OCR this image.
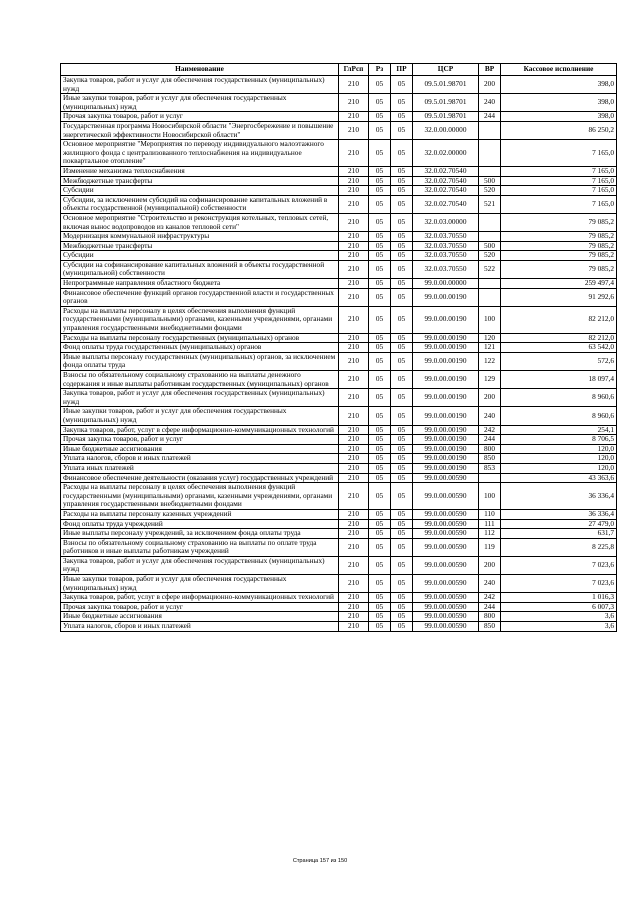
Наименование	ГлРсп	Рз	ПР	ЦСР	ВР	Кассовое исполнение
Закупка товаров, работ и услуг для обеспечения государственных (муниципальных) нужд	210	05	05	09.5.01.98701	200	398,0
Иные закупки товаров, работ и услуг для обеспечения государственных (муниципальных) нужд	210	05	05	09.5.01.98701	240	398,0
Прочая закупка товаров, работ и услуг	210	05	05	09.5.01.98701	244	398,0
Государственная программа Новосибирской области "Энергосбережение и повышение энергетической эффективности Новосибирской области"	210	05	05	32.0.00.00000		86 250,2
Основное мероприятие "Мероприятия по переводу индивидуального малоэтажного жилищного фонда с централизованного теплоснабжения на индивидуальное поквартальное отопление"	210	05	05	32.0.02.00000		7 165,0
Изменение механизма теплоснабжения	210	05	05	32.0.02.70540		7 165,0
Межбюджетные трансферты	210	05	05	32.0.02.70540	500	7 165,0
Субсидии	210	05	05	32.0.02.70540	520	7 165,0
Субсидии, за исключением субсидий на софинансирование капитальных вложений в объекты государственной (муниципальной) собственности	210	05	05	32.0.02.70540	521	7 165,0
Основное мероприятие "Строительство и реконструкция котельных, тепловых сетей, включая вынос водопроводов из каналов тепловой сети"	210	05	05	32.0.03.00000		79 085,2
Модернизация коммунальной инфраструктуры	210	05	05	32.0.03.70550		79 085,2
Межбюджетные трансферты	210	05	05	32.0.03.70550	500	79 085,2
Субсидии	210	05	05	32.0.03.70550	520	79 085,2
Субсидии на софинансирование капитальных вложений в объекты государственной (муниципальной) собственности	210	05	05	32.0.03.70550	522	79 085,2
Непрограммные направления областного бюджета	210	05	05	99.0.00.00000		259 497,4
Финансовое обеспечение функций органов государственной власти и государственных органов	210	05	05	99.0.00.00190		91 292,6
Расходы на выплаты персоналу в целях обеспечения выполнения функций государственными (муниципальными) органами, казенными учреждениями, органами управления государственными внебюджетными фондами	210	05	05	99.0.00.00190	100	82 212,0
Расходы на выплаты персоналу государственных (муниципальных) органов	210	05	05	99.0.00.00190	120	82 212,0
Фонд оплаты труда государственных (муниципальных) органов	210	05	05	99.0.00.00190	121	63 542,0
Иные выплаты персоналу государственных (муниципальных) органов, за исключением фонда оплаты труда	210	05	05	99.0.00.00190	122	572,6
Взносы по обязательному социальному страхованию на выплаты денежного содержания и иные выплаты работникам государственных (муниципальных) органов	210	05	05	99.0.00.00190	129	18 097,4
Закупка товаров, работ и услуг для обеспечения государственных (муниципальных) нужд	210	05	05	99.0.00.00190	200	8 960,6
Иные закупки товаров, работ и услуг для обеспечения государственных (муниципальных) нужд	210	05	05	99.0.00.00190	240	8 960,6
Закупка товаров, работ, услуг в сфере информационно-коммуникационных технологий	210	05	05	99.0.00.00190	242	254,1
Прочая закупка товаров, работ и услуг	210	05	05	99.0.00.00190	244	8 706,5
Иные бюджетные ассигнования	210	05	05	99.0.00.00190	800	120,0
Уплата налогов, сборов и иных платежей	210	05	05	99.0.00.00190	850	120,0
Уплата иных платежей	210	05	05	99.0.00.00190	853	120,0
Финансовое обеспечение деятельности (оказания услуг) государственных учреждений	210	05	05	99.0.00.00590		43 363,6
Расходы на выплаты персоналу в целях обеспечения выполнения функций государственными (муниципальными) органами, казенными учреждениями, органами управления государственными внебюджетными фондами	210	05	05	99.0.00.00590	100	36 336,4
Расходы на выплаты персоналу казенных учреждений	210	05	05	99.0.00.00590	110	36 336,4
Фонд оплаты труда учреждений	210	05	05	99.0.00.00590	111	27 479,0
Иные выплаты персоналу учреждений, за исключением фонда оплаты труда	210	05	05	99.0.00.00590	112	631,7
Взносы по обязательному социальному страхованию на выплаты по оплате труда работников и иные выплаты работникам учреждений	210	05	05	99.0.00.00590	119	8 225,8
Закупка товаров, работ и услуг для обеспечения государственных (муниципальных) нужд	210	05	05	99.0.00.00590	200	7 023,6
Иные закупки товаров, работ и услуг для обеспечения государственных (муниципальных) нужд	210	05	05	99.0.00.00590	240	7 023,6
Закупка товаров, работ, услуг в сфере информационно-коммуникационных технологий	210	05	05	99.0.00.00590	242	1 016,3
Прочая закупка товаров, работ и услуг	210	05	05	99.0.00.00590	244	6 007,3
Иные бюджетные ассигнования	210	05	05	99.0.00.00590	800	3,6
Уплата налогов, сборов и иных платежей	210	05	05	99.0.00.00590	850	3,6
Страница 157 из 150
